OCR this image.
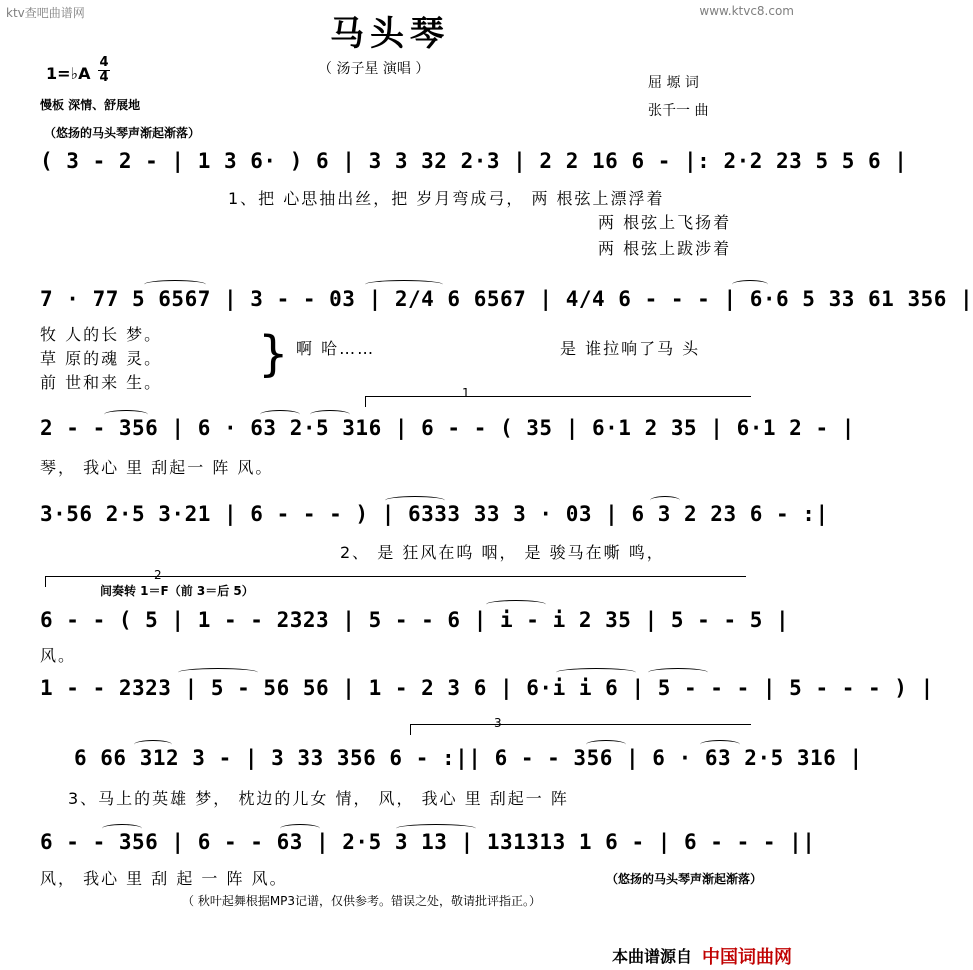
ktv查吧曲谱网	www.ktvc8.com
马头琴
（ 汤子星 演唱 ）
1=♭A
4
4
慢板 深情、舒展地
屈 塬 词
张千一 曲
（悠扬的马头琴声渐起渐落）
( 3 - 2 - | 1 3 6· ) 6 | 3 3 32 2·3 | 2 2 16 6 - |: 2·2 23 5 5 6 |
1、把 心思抽出丝，把 岁月弯成弓， 两 根弦上漂浮着
两 根弦上飞扬着
两 根弦上跋涉着
7 · 77 5 6567 | 3 - - 03 | 2/4 6 6567 | 4/4 6 - - - | 6·6 5 33 61 356 |
牧 人的长 梦。
草 原的魂 灵。
前 世和来 生。
} 啊 哈……	是 谁拉响了马 头
1
2 - - 356 | 6 · 63 2·5 316 | 6 - - ( 35 | 6·1 2 35 | 6·1 2 - |
琴， 我心 里 刮起一 阵 风。
3·56 2·5 3·21 | 6 - - - ) | 6333 33 3 · 03 | 6 3 2 23 6 - :|
2、 是 狂风在呜 咽， 是 骏马在嘶 鸣，
2
间奏转 1＝F（前 3＝后 5）
6 - - ( 5 | 1 - - 2323 | 5 - - 6 | i - i 2 35 | 5 - - 5 |
风。
1 - - 2323 | 5 - 56 56 | 1 - 2 3 6 | 6·i i 6 | 5 - - - | 5 - - - ) |
3
6 66 312 3 - | 3 33 356 6 - :|| 6 - - 356 | 6 · 63 2·5 316 |
3、马上的英雄 梦， 枕边的儿女 情， 风， 我心 里 刮起一 阵
6 - - 356 | 6 - - 63 | 2·5 3 13 | 131313 1 6 - | 6 - - - ||
风， 我心 里 刮 起 一 阵 风。	（悠扬的马头琴声渐起渐落）
（ 秋叶起舞根据MP3记谱，仅供参考。错误之处，敬请批评指正。）
本曲谱源自 中国词曲网
